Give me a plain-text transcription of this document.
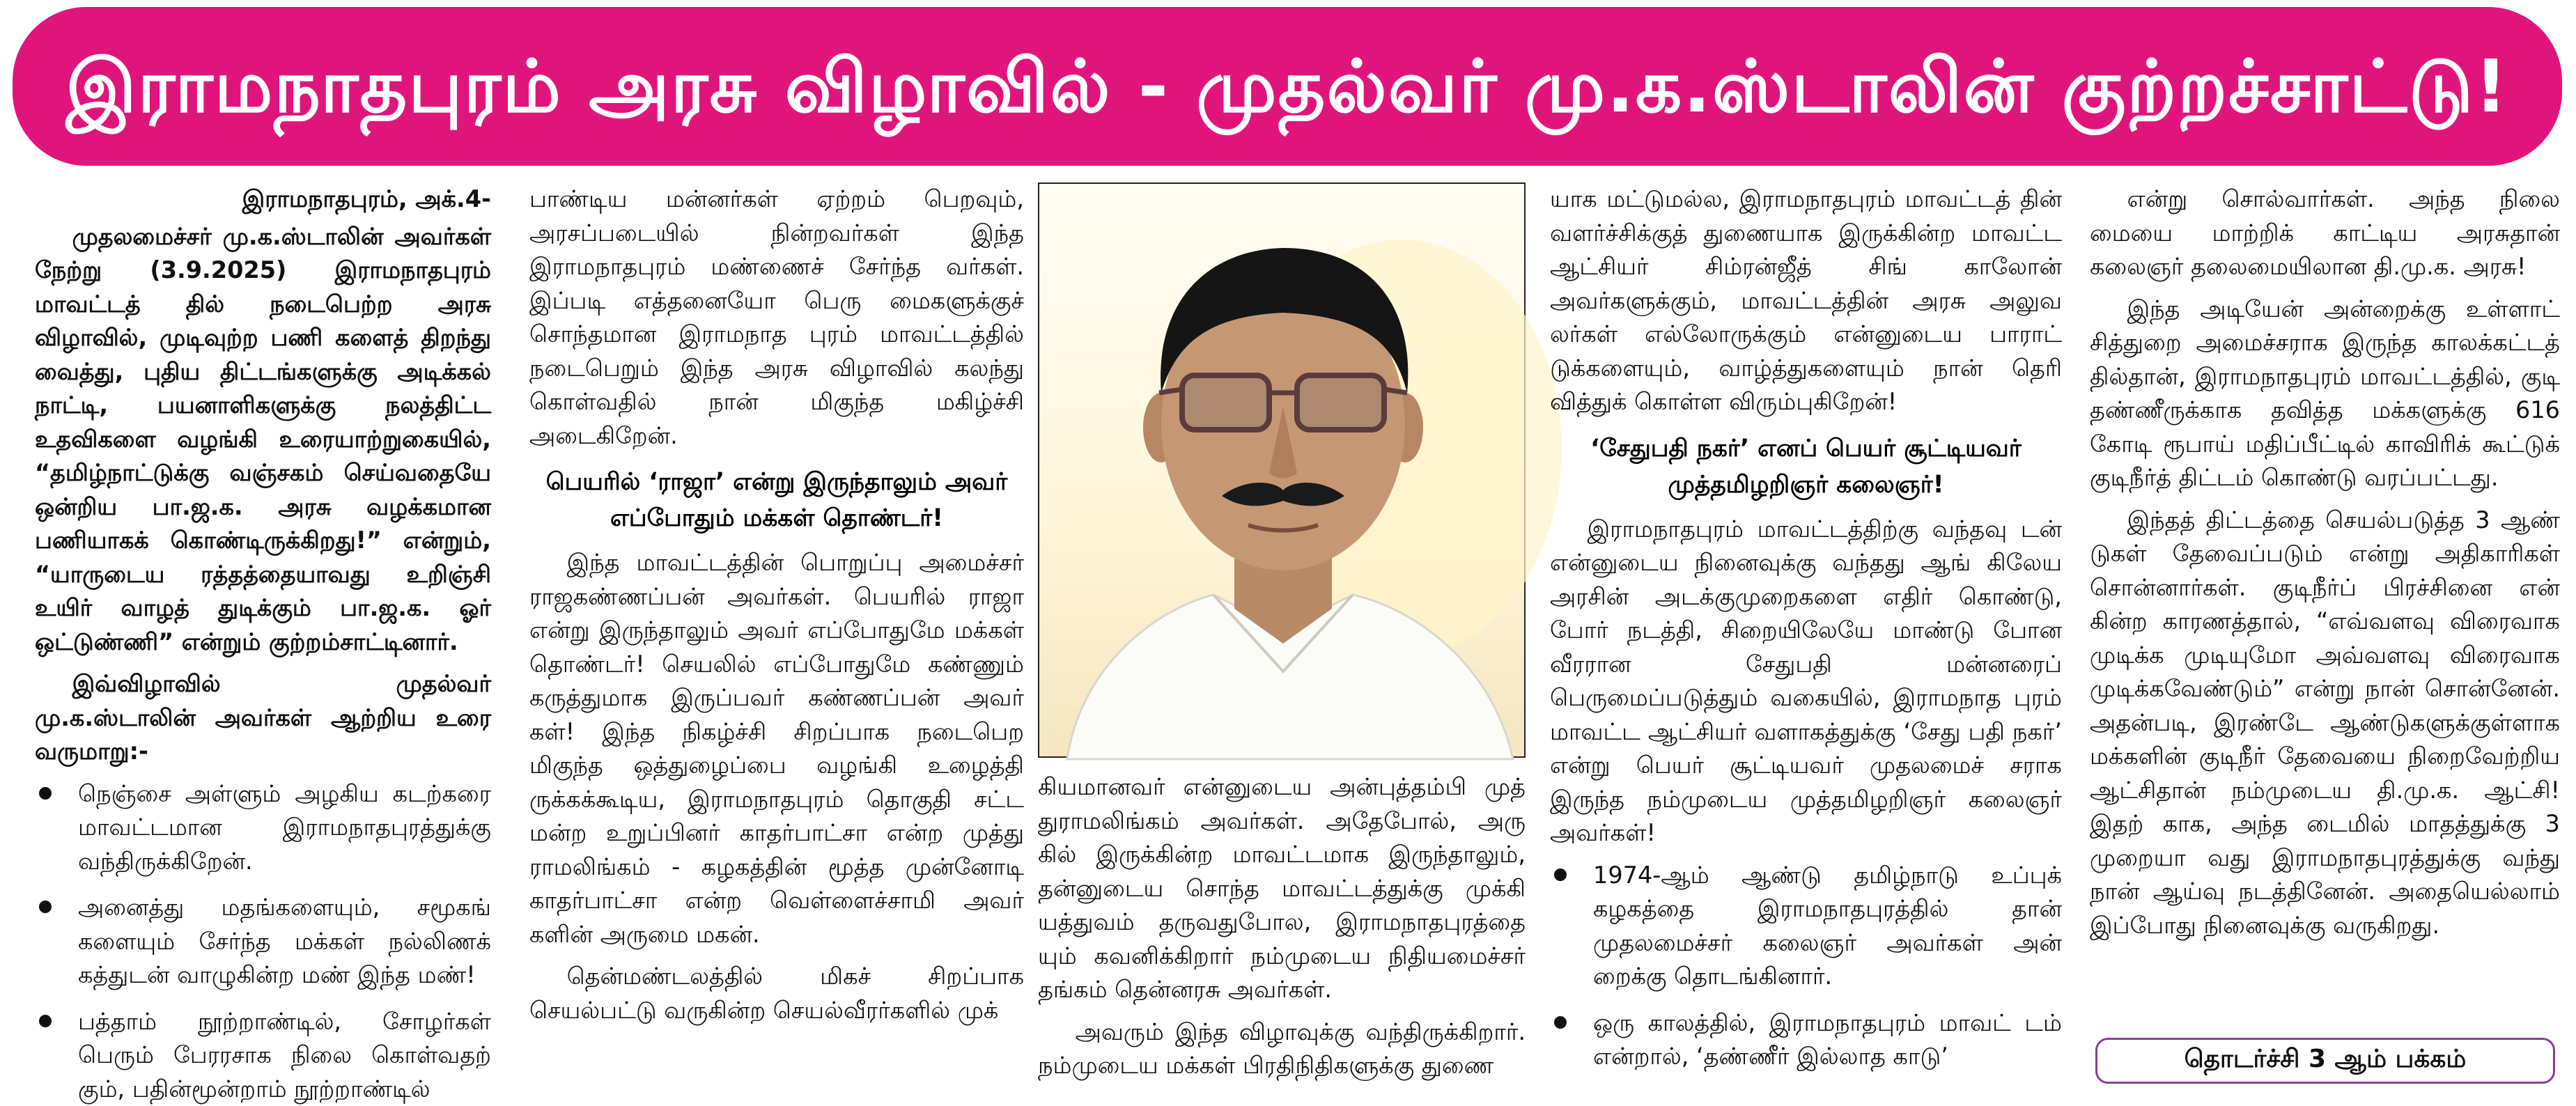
இராமநாதபுரம் அரசு விழாவில் - முதல்வர் மு.க.ஸ்டாலின் குற்றச்சாட்டு!
இராமநாதபுரம், அக்.4-

முதலமைச்சர் மு.க.ஸ்டாலின் அவர்கள் நேற்று (3.9.2025) இராமநாதபுரம் மாவட்டத் தில் நடைபெற்ற அரசு விழாவில், முடிவுற்ற பணி களைத் திறந்து வைத்து, புதிய திட்டங்களுக்கு அடிக்கல் நாட்டி, பயனாளிகளுக்கு நலத்திட்ட உதவிகளை வழங்கி உரையாற்றுகையில், “தமிழ்நாட்டுக்கு வஞ்சகம் செய்வதையே ஒன்றிய பா.ஜ.க. அரசு வழக்கமான பணியாகக் கொண்டிருக்கிறது!” என்றும், “யாருடைய ரத்தத்தையாவது உறிஞ்சி உயிர் வாழத் துடிக்கும் பா.ஜ.க. ஓர் ஒட்டுண்ணி” என்றும் குற்றம்சாட்டினார்.

இவ்விழாவில் முதல்வர் மு.க.ஸ்டாலின் அவர்கள் ஆற்றிய உரை வருமாறு:-

நெஞ்சை அள்ளும் அழகிய கடற்கரை மாவட்டமான இராமநாதபுரத்துக்கு வந்திருக்கிறேன்.
அனைத்து மதங்களையும், சமூகங் களையும் சேர்ந்த மக்கள் நல்லிணக் கத்துடன் வாழுகின்ற மண் இந்த மண்!
பத்தாம் நூற்றாண்டில், சோழர்கள் பெரும் பேரரசாக நிலை கொள்வதற் கும், பதின்மூன்றாம் நூற்றாண்டில்

பாண்டிய மன்னர்கள் ஏற்றம் பெறவும், அரசப்படையில் நின்றவர்கள் இந்த இராமநாதபுரம் மண்ணைச் சேர்ந்த வர்கள். இப்படி எத்தனையோ பெரு மைகளுக்குச் சொந்தமான இராமநாத புரம் மாவட்டத்தில் நடைபெறும் இந்த அரசு விழாவில் கலந்து கொள்வதில் நான் மிகுந்த மகிழ்ச்சி அடைகிறேன்.

பெயரில் ‘ராஜா’ என்று இருந்தாலும் அவர் எப்போதும் மக்கள் தொண்டர்!

இந்த மாவட்டத்தின் பொறுப்பு அமைச்சர் ராஜகண்ணப்பன் அவர்கள். பெயரில் ராஜா என்று இருந்தாலும் அவர் எப்போதுமே மக்கள் தொண்டர்! செயலில் எப்போதுமே கண்ணும் கருத்துமாக இருப்பவர் கண்ணப்பன் அவர் கள்! இந்த நிகழ்ச்சி சிறப்பாக நடைபெற மிகுந்த ஒத்துழைப்பை வழங்கி உழைத்தி ருக்கக்கூடிய, இராமநாதபுரம் தொகுதி சட்ட மன்ற உறுப்பினர் காதர்பாட்சா என்ற முத்து ராமலிங்கம் - கழகத்தின் மூத்த முன்னோடி காதர்பாட்சா என்ற வெள்ளைச்சாமி அவர் களின் அருமை மகன்.

தென்மண்டலத்தில் மிகச் சிறப்பாக செயல்பட்டு வருகின்ற செயல்வீரர்களில் முக்

கியமானவர் என்னுடைய அன்புத்தம்பி முத் துராமலிங்கம் அவர்கள். அதேபோல், அரு கில் இருக்கின்ற மாவட்டமாக இருந்தாலும், தன்னுடைய சொந்த மாவட்டத்துக்கு முக்கி யத்துவம் தருவதுபோல, இராமநாதபுரத்தை யும் கவனிக்கிறார் நம்முடைய நிதியமைச்சர் தங்கம் தென்னரசு அவர்கள்.

அவரும் இந்த விழாவுக்கு வந்திருக்கிறார். நம்முடைய மக்கள் பிரதிநிதிகளுக்கு துணை

யாக மட்டுமல்ல, இராமநாதபுரம் மாவட்டத் தின் வளர்ச்சிக்குத் துணையாக இருக்கின்ற மாவட்ட ஆட்சியர் சிம்ரன்ஜீத் சிங் காலோன் அவர்களுக்கும், மாவட்டத்தின் அரசு அலுவ லர்கள் எல்லோருக்கும் என்னுடைய பாராட் டுக்களையும், வாழ்த்துகளையும் நான் தெரி வித்துக் கொள்ள விரும்புகிறேன்!

‘சேதுபதி நகர்’ எனப் பெயர் சூட்டியவர் முத்தமிழறிஞர் கலைஞர்!

இராமநாதபுரம் மாவட்டத்திற்கு வந்தவு டன் என்னுடைய நினைவுக்கு வந்தது ஆங் கிலேய அரசின் அடக்குமுறைகளை எதிர் கொண்டு, போர் நடத்தி, சிறையிலேயே மாண்டு போன வீரரான சேதுபதி மன்னரைப் பெருமைப்படுத்தும் வகையில், இராமநாத புரம் மாவட்ட ஆட்சியர் வளாகத்துக்கு ‘சேது பதி நகர்’ என்று பெயர் சூட்டியவர் முதலமைச் சராக இருந்த நம்முடைய முத்தமிழறிஞர் கலைஞர் அவர்கள்!

1974-ஆம் ஆண்டு தமிழ்நாடு உப்புக் கழகத்தை இராமநாதபுரத்தில் தான் முதலமைச்சர் கலைஞர் அவர்கள் அன் றைக்கு தொடங்கினார்.
ஒரு காலத்தில், இராமநாதபுரம் மாவட் டம் என்றால், ‘தண்ணீர் இல்லாத காடு’

என்று சொல்வார்கள். அந்த நிலை மையை மாற்றிக் காட்டிய அரசுதான் கலைஞர் தலைமையிலான தி.மு.க. அரசு!

இந்த அடியேன் அன்றைக்கு உள்ளாட் சித்துறை அமைச்சராக இருந்த காலக்கட்டத் தில்தான், இராமநாதபுரம் மாவட்டத்தில், குடி தண்ணீருக்காக தவித்த மக்களுக்கு 616 கோடி ரூபாய் மதிப்பீட்டில் காவிரிக் கூட்டுக் குடிநீர்த் திட்டம் கொண்டு வரப்பட்டது.

இந்தத் திட்டத்தை செயல்படுத்த 3 ஆண் டுகள் தேவைப்படும் என்று அதிகாரிகள் சொன்னார்கள். குடிநீர்ப் பிரச்சினை என் கின்ற காரணத்தால், “எவ்வளவு விரைவாக முடிக்க முடியுமோ அவ்வளவு விரைவாக முடிக்கவேண்டும்” என்று நான் சொன்னேன். அதன்படி, இரண்டே ஆண்டுகளுக்குள்ளாக மக்களின் குடிநீர் தேவையை நிறைவேற்றிய ஆட்சிதான் நம்முடைய தி.மு.க. ஆட்சி! இதற் காக, அந்த டைமில் மாதத்துக்கு 3 முறையா வது இராமநாதபுரத்துக்கு வந்து நான் ஆய்வு நடத்தினேன். அதையெல்லாம் இப்போது நினைவுக்கு வருகிறது.

தொடர்ச்சி 3 ஆம் பக்கம்
